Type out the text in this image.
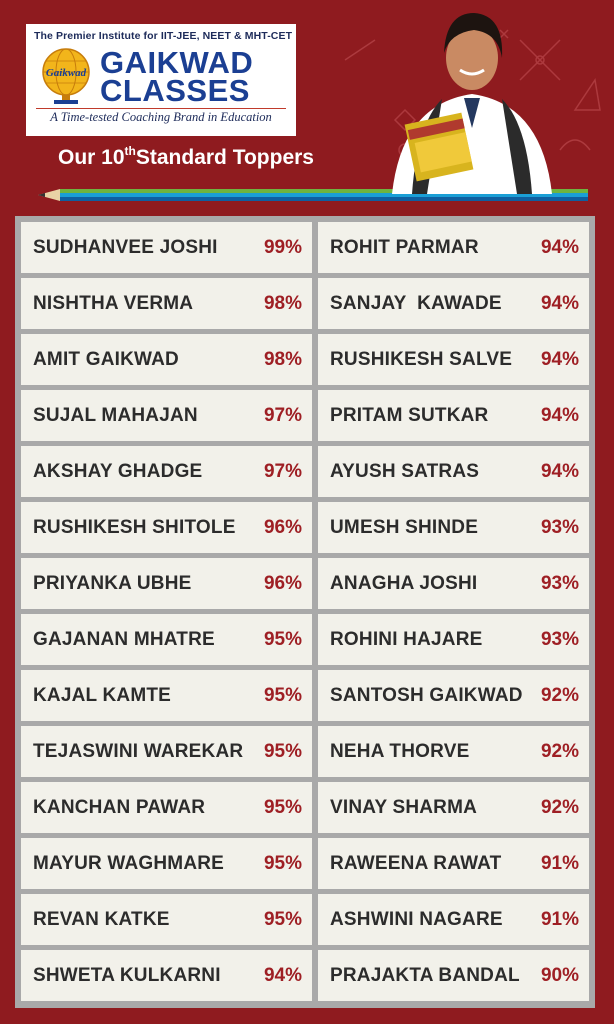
The Premier Institute for IIT-JEE, NEET & MHT-CET
Gaikwad GAIKWAD
CLASSES
A Time-tested Coaching Brand in Education
Our 10thStandard Toppers
SUDHANVEE JOSHI 99% ROHIT PARMAR	94%
NISHTHA VERMA	98% SANJAY  KAWADE 94%
AMIT GAIKWAD	98% RUSHIKESH SALVE 94%
SUJAL MAHAJAN	97% PRITAM SUTKAR	94%
AKSHAY GHADGE	97% AYUSH SATRAS	94%
RUSHIKESH SHITOLE 96% UMESH SHINDE	93%
PRIYANKA UBHE	96% ANAGHA JOSHI	93%
GAJANAN MHATRE	95% ROHINI HAJARE	93%
KAJAL KAMTE	95% SANTOSH GAIKWAD 92%
TEJASWINI WAREKAR 95% NEHA THORVE	92%
KANCHAN PAWAR	95% VINAY SHARMA	92%
MAYUR WAGHMARE 95% RAWEENA RAWAT 91%
REVAN KATKE	95% ASHWINI NAGARE 91%
SHWETA KULKARNI 94% PRAJAKTA BANDAL 90%
